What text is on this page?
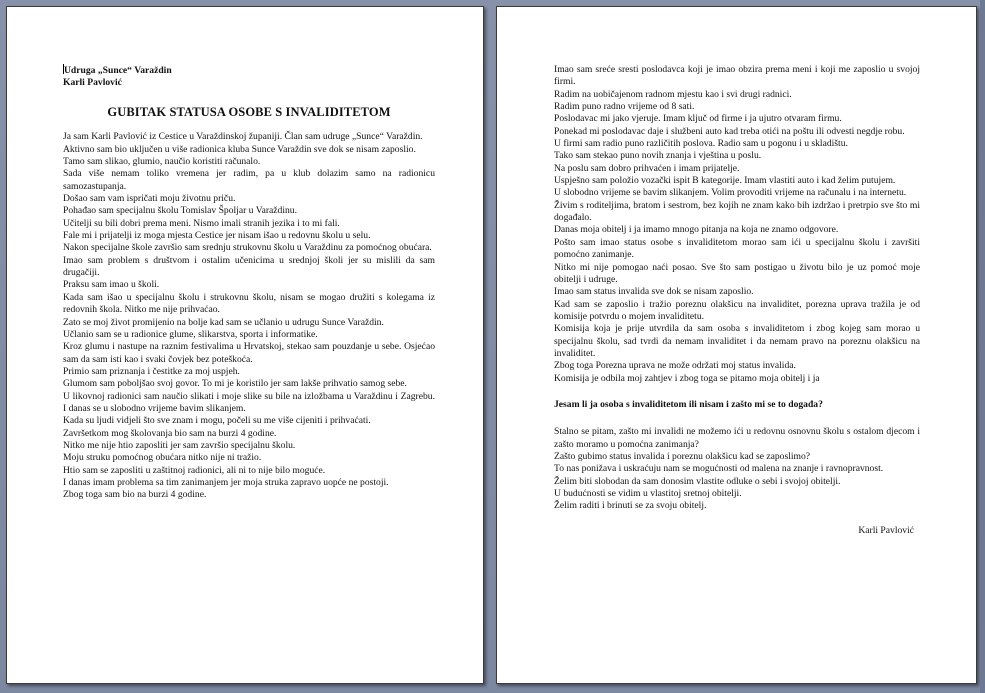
Udruga „Sunce“ Varaždin
Karli Pavlović
GUBITAK STATUSA OSOBE S INVALIDITETOM

Ja sam Karli Pavlović iz Cestice u Varaždinskoj županiji. Član sam udruge „Sunce“ Varaždin.

Aktivno sam bio uključen u više radionica kluba Sunce Varaždin sve dok se nisam zaposlio.

Tamo sam slikao, glumio, naučio koristiti računalo.

Sada više nemam toliko vremena jer radim, pa u klub dolazim samo na radionicu samozastupanja.

Došao sam vam ispričati moju životnu priču.

Pohađao sam specijalnu školu Tomislav Špoljar u Varaždinu.

Učitelji su bili dobri prema meni. Nismo imali stranih jezika i to mi fali.

Fale mi i prijatelji iz moga mjesta Cestice jer nisam išao u redovnu školu u selu.

Nakon specijalne škole završio sam srednju strukovnu školu u Varaždinu za pomoćnog obućara.

Imao sam problem s društvom i ostalim učenicima u srednjoj školi jer su mislili da sam drugačiji.

Praksu sam imao u školi.

Kada sam išao u specijalnu školu i strukovnu školu, nisam se mogao družiti s kolegama iz redovnih škola. Nitko me nije prihvaćao.

Zato se moj život promijenio na bolje kad sam se učlanio u udrugu Sunce Varaždin.

Učlanio sam se u radionice glume, slikarstva, sporta i informatike.

Kroz glumu i nastupe na raznim festivalima u Hrvatskoj, stekao sam pouzdanje u sebe. Osjećao sam da sam isti kao i svaki čovjek bez poteškoća.

Primio sam priznanja i čestitke za moj uspjeh.

Glumom sam poboljšao svoj govor. To mi je koristilo jer sam lakše prihvatio samog sebe.

U likovnoj radionici sam naučio slikati i moje slike su bile na izložbama u Varaždinu i Zagrebu. I danas se u slobodno vrijeme bavim slikanjem.

Kada su ljudi vidjeli što sve znam i mogu, počeli su me više cijeniti i prihvaćati.

Završetkom mog školovanja bio sam na burzi 4 godine.

Nitko me nije htio zaposliti jer sam završio specijalnu školu.

Moju struku pomoćnog obućara nitko nije ni tražio.

Htio sam se zaposliti u zaštitnoj radionici, ali ni to nije bilo moguće.

I danas imam problema sa tim zanimanjem jer moja struka zapravo uopće ne postoji.

Zbog toga sam bio na burzi 4 godine.

Imao sam sreće sresti poslodavca koji je imao obzira prema meni i koji me zaposlio u svojoj firmi.

Radim na uobičajenom radnom mjestu kao i svi drugi radnici.

Radim puno radno vrijeme od 8 sati.

Poslodavac mi jako vjeruje. Imam ključ od firme i ja ujutro otvaram firmu.

Ponekad mi poslodavac daje i službeni auto kad treba otići na poštu ili odvesti negdje robu.

U firmi sam radio puno različitih poslova. Radio sam u pogonu i u skladištu.

Tako sam stekao puno novih znanja i vještina u poslu.

Na poslu sam dobro prihvaćen i imam prijatelje.

Uspješno sam položio vozački ispit B kategorije. Imam vlastiti auto i kad želim putujem.

U slobodno vrijeme se bavim slikanjem. Volim provoditi vrijeme na računalu i na internetu.

Živim s roditeljima, bratom i sestrom, bez kojih ne znam kako bih izdržao i pretrpio sve što mi događalo.

Danas moja obitelj i ja imamo mnogo pitanja na koja ne znamo odgovore.

Pošto sam imao status osobe s invaliditetom morao sam ići u specijalnu školu i završiti pomoćno zanimanje.

Nitko mi nije pomogao naći posao. Sve što sam postigao u životu bilo je uz pomoć moje obitelji i udruge.

Imao sam status invalida sve dok se nisam zaposlio.

Kad sam se zaposlio i tražio poreznu olakšicu na invaliditet, porezna uprava tražila je od komisije potvrdu o mojem invaliditetu.

Komisija koja je prije utvrdila da sam osoba s invaliditetom i zbog kojeg sam morao u specijalnu školu, sad tvrdi da nemam invaliditet i da nemam pravo na poreznu olakšicu na invaliditet.

Zbog toga Porezna uprava ne može održati moj status invalida.

Komisija je odbila moj zahtjev i zbog toga se pitamo moja obitelj i ja

Jesam li ja osoba s invaliditetom ili nisam i zašto mi se to događa?

Stalno se pitam, zašto mi invalidi ne možemo ići u redovnu osnovnu školu s ostalom djecom i zašto moramo u pomoćna zanimanja?

Zašto gubimo status invalida i poreznu olakšicu kad se zaposlimo?

To nas ponižava i uskraćuju nam se mogućnosti od malena na znanje i ravnopravnost.

Želim biti slobodan da sam donosim vlastite odluke o sebi i svojoj obitelji.

U budućnosti se vidim u vlastitoj sretnoj obitelji.

Želim raditi i brinuti se za svoju obitelj.

Karli Pavlović
